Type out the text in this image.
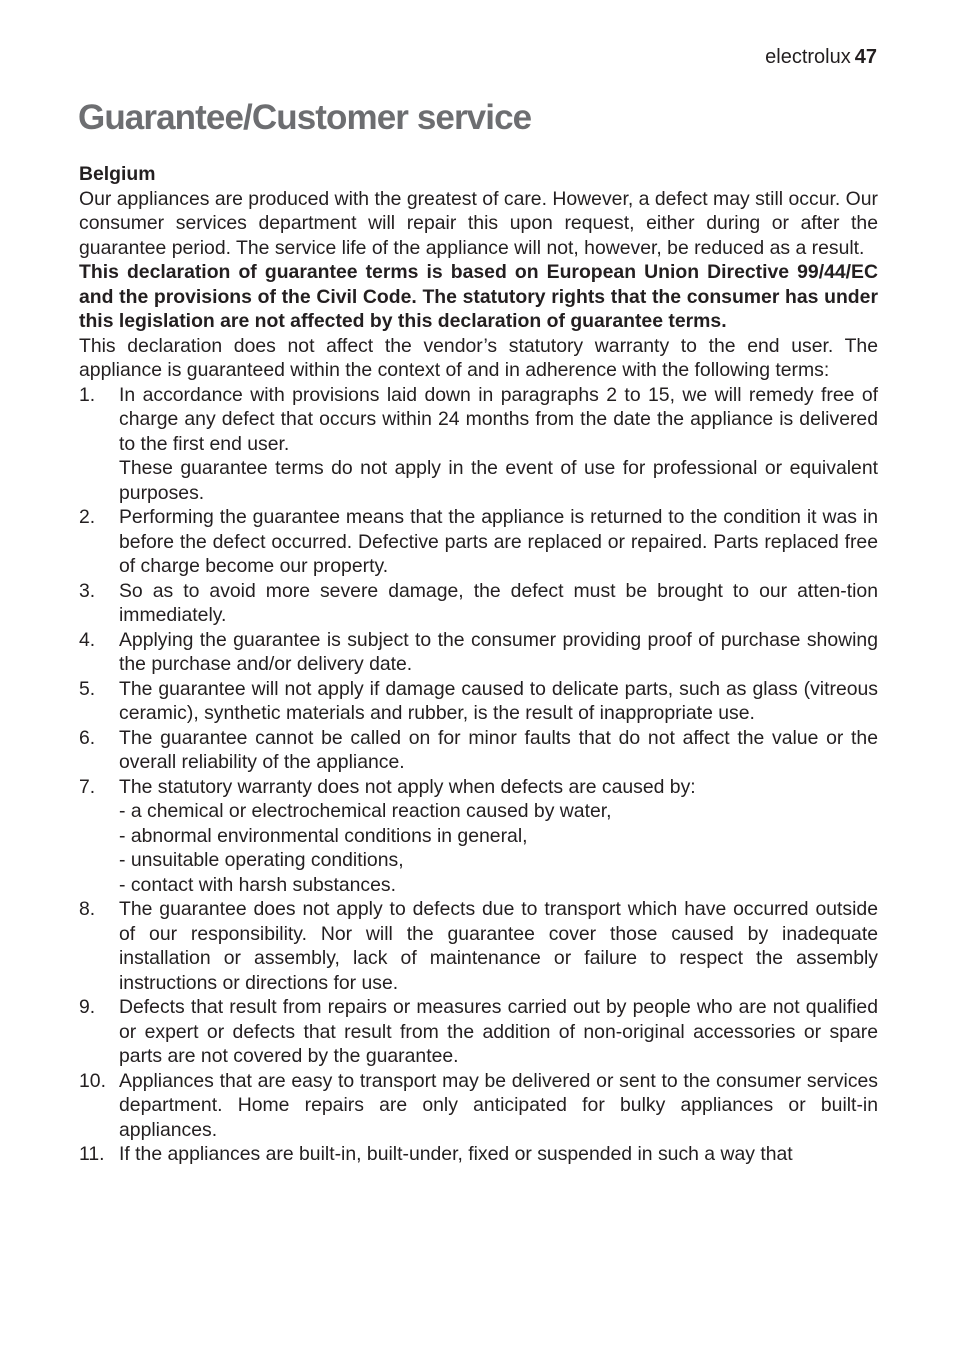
electrolux 47
Guarantee/Customer service

Belgium

Our appliances are produced with the greatest of care. However, a defect may still occur. Our consumer services department will repair this upon request, either during or after the guarantee period. The service life of the appliance will not, however, be reduced as a result.

This declaration of guarantee terms is based on European Union Directive 99/44/EC and the provisions of the Civil Code. The statutory rights that the consumer has under this legislation are not affected by this declaration of guarantee terms.

This declaration does not affect the vendor’s statutory warranty to the end user. The appliance is guaranteed within the context of and in adherence with the following terms:

1. In accordance with provisions laid down in paragraphs 2 to 15, we will remedy free of charge any defect that occurs within 24 months from the date the appliance is delivered to the first end user.
These guarantee terms do not apply in the event of use for professional or equivalent purposes.
2. Performing the guarantee means that the appliance is returned to the condition it was in before the defect occurred. Defective parts are replaced or repaired. Parts replaced free of charge become our property.
3. So as to avoid more severe damage, the defect must be brought to our atten-tion immediately.
4. Applying the guarantee is subject to the consumer providing proof of purchase showing the purchase and/or delivery date.
5. The guarantee will not apply if damage caused to delicate parts, such as glass (vitreous ceramic), synthetic materials and rubber, is the result of inappropriate use.
6. The guarantee cannot be called on for minor faults that do not affect the value or the overall reliability of the appliance.
7. The statutory warranty does not apply when defects are caused by:
- a chemical or electrochemical reaction caused by water,
- abnormal environmental conditions in general,
- unsuitable operating conditions,
- contact with harsh substances.
8. The guarantee does not apply to defects due to transport which have occurred outside of our responsibility. Nor will the guarantee cover those caused by inadequate installation or assembly, lack of maintenance or failure to respect the assembly instructions or directions for use.
9. Defects that result from repairs or measures carried out by people who are not qualified or expert or defects that result from the addition of non-original accessories or spare parts are not covered by the guarantee.
10. Appliances that are easy to transport may be delivered or sent to the consumer services department. Home repairs are only anticipated for bulky appliances or built-in appliances.
11. If the appliances are built-in, built-under, fixed or suspended in such a way that
